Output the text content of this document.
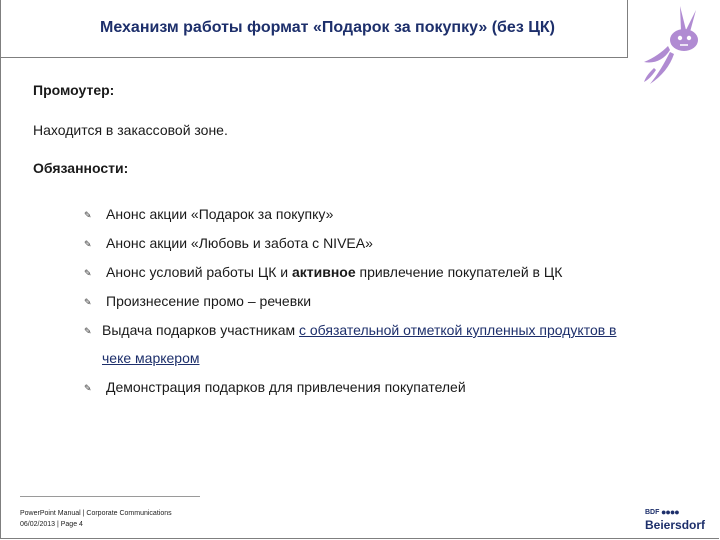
Механизм работы формат «Подарок за покупку» (без ЦК)
Промоутер:
Находится в закассовой зоне.
Обязанности:
✎ Анонс акции «Подарок за покупку»
✎ Анонс акции «Любовь и забота с NIVEA»
✎ Анонс условий работы ЦК и активное привлечение покупателей в ЦК
✎ Произнесение промо – речевки
✎ Выдача подарков участникам с обязательной отметкой купленных продуктов в
чеке маркером
✎ Демонстрация подарков для привлечения покупателей
PowerPoint Manual | Corporate Communications
06/02/2013 | Page 4
BDF ●●●●
Beiersdorf
